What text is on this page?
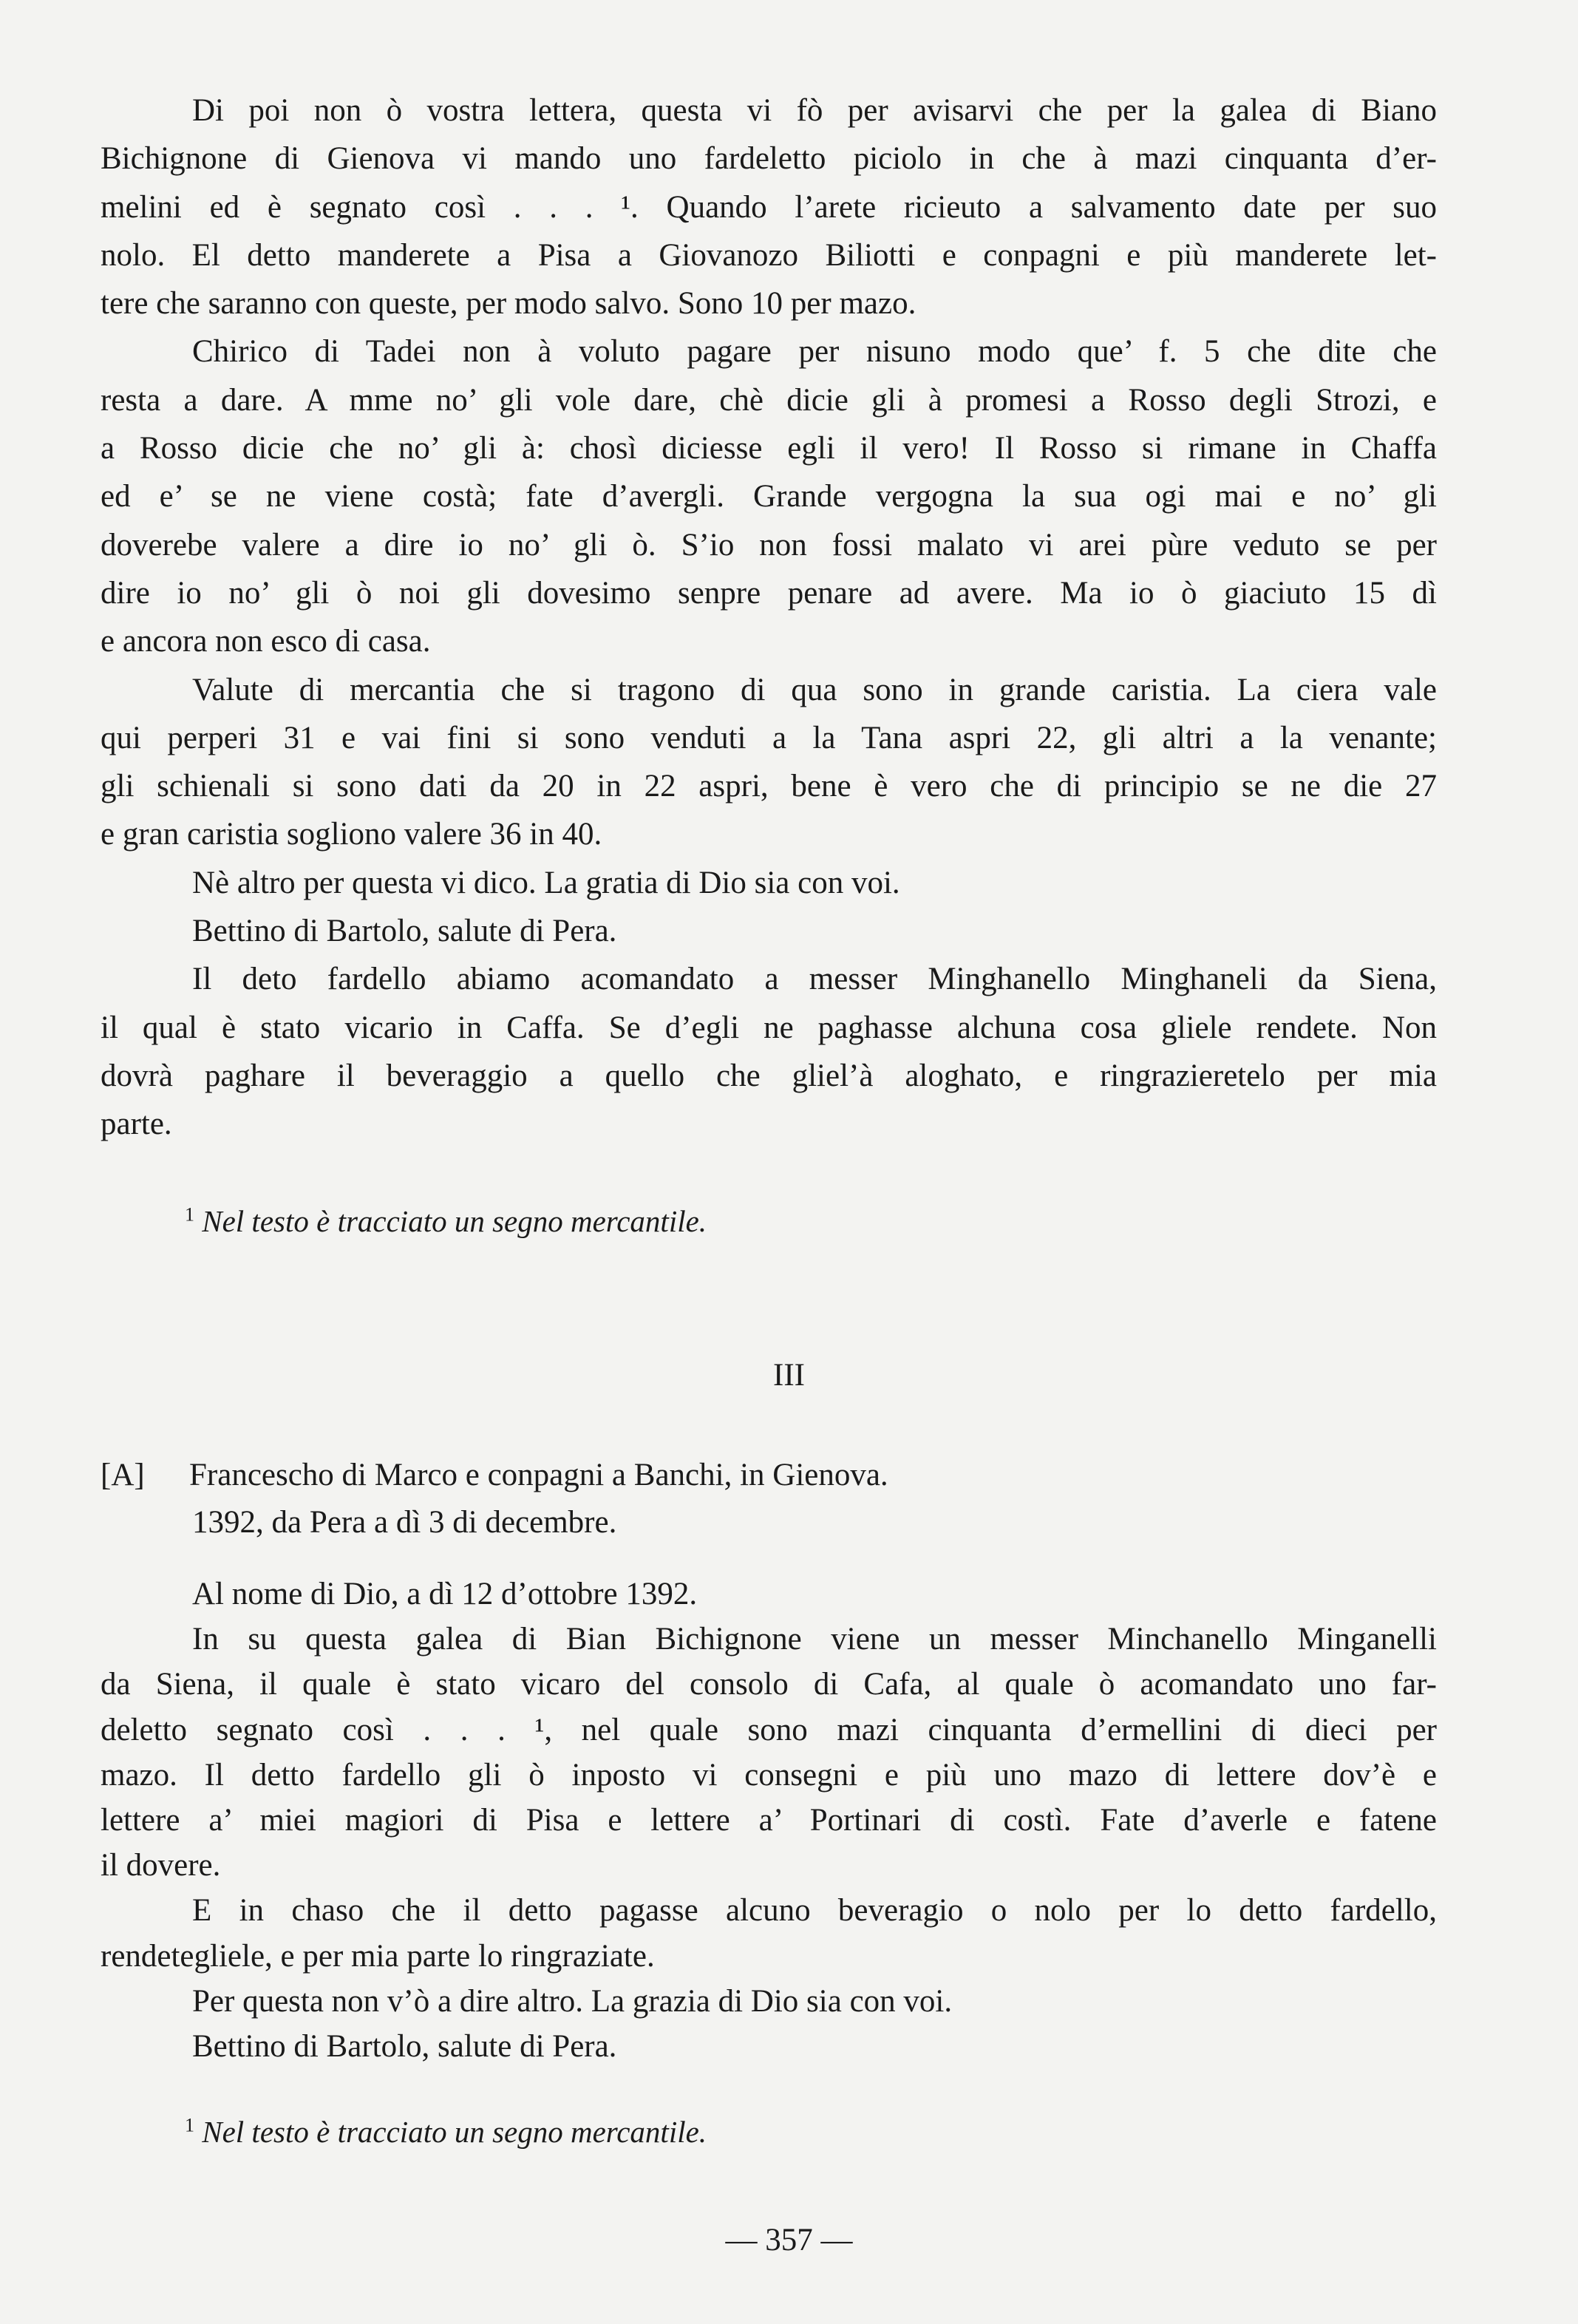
Di poi non ò vostra lettera, questa vi fò per avisarvi che per la galea di Biano
Bichignone di Gienova vi mando uno fardeletto piciolo in che à mazi cinquanta d’er-
melini ed è segnato così . . . ¹. Quando l’arete ricieuto a salvamento date per suo
nolo. El detto manderete a Pisa a Giovanozo Biliotti e conpagni e più manderete let-
tere che saranno con queste, per modo salvo. Sono 10 per mazo.
Chirico di Tadei non à voluto pagare per nisuno modo que’ f. 5 che dite che
resta a dare. A mme no’ gli vole dare, chè dicie gli à promesi a Rosso degli Strozi, e
a Rosso dicie che no’ gli à: chosì diciesse egli il vero! Il Rosso si rimane in Chaffa
ed e’ se ne viene costà; fate d’avergli. Grande vergogna la sua ogi mai e no’ gli
doverebe valere a dire io no’ gli ò. S’io non fossi malato vi arei pùre veduto se per
dire io no’ gli ò noi gli dovesimo senpre penare ad avere. Ma io ò giaciuto 15 dì
e ancora non esco di casa.
Valute di mercantia che si tragono di qua sono in grande caristia. La ciera vale
qui perperi 31 e vai fini si sono venduti a la Tana aspri 22, gli altri a la venante;
gli schienali si sono dati da 20 in 22 aspri, bene è vero che di principio se ne die 27
e gran caristia sogliono valere 36 in 40.
Nè altro per questa vi dico. La gratia di Dio sia con voi.
Bettino di Bartolo, salute di Pera.
Il deto fardello abiamo acomandato a messer Minghanello Minghaneli da Siena,
il qual è stato vicario in Caffa. Se d’egli ne paghasse alchuna cosa gliele rendete. Non
dovrà paghare il beveraggio a quello che gliel’à aloghato, e ringrazieretelo per mia
parte.
$^1$ Nel testo è tracciato un segno mercantile.
III
[A] Francescho di Marco e conpagni a Banchi, in Gienova.
1392, da Pera a dì 3 di decembre.
Al nome di Dio, a dì 12 d’ottobre 1392.
In su questa galea di Bian Bichignone viene un messer Minchanello Minganelli
da Siena, il quale è stato vicaro del consolo di Cafa, al quale ò acomandato uno far-
deletto segnato così . . . ¹, nel quale sono mazi cinquanta d’ermellini di dieci per
mazo. Il detto fardello gli ò inposto vi consegni e più uno mazo di lettere dov’è e
lettere a’ miei magiori di Pisa e lettere a’ Portinari di costì. Fate d’averle e fatene
il dovere.
E in chaso che il detto pagasse alcuno beveragio o nolo per lo detto fardello,
rendetegliele, e per mia parte lo ringraziate.
Per questa non v’ò a dire altro. La grazia di Dio sia con voi.
Bettino di Bartolo, salute di Pera.
$^1$ Nel testo è tracciato un segno mercantile.
— 357 —
